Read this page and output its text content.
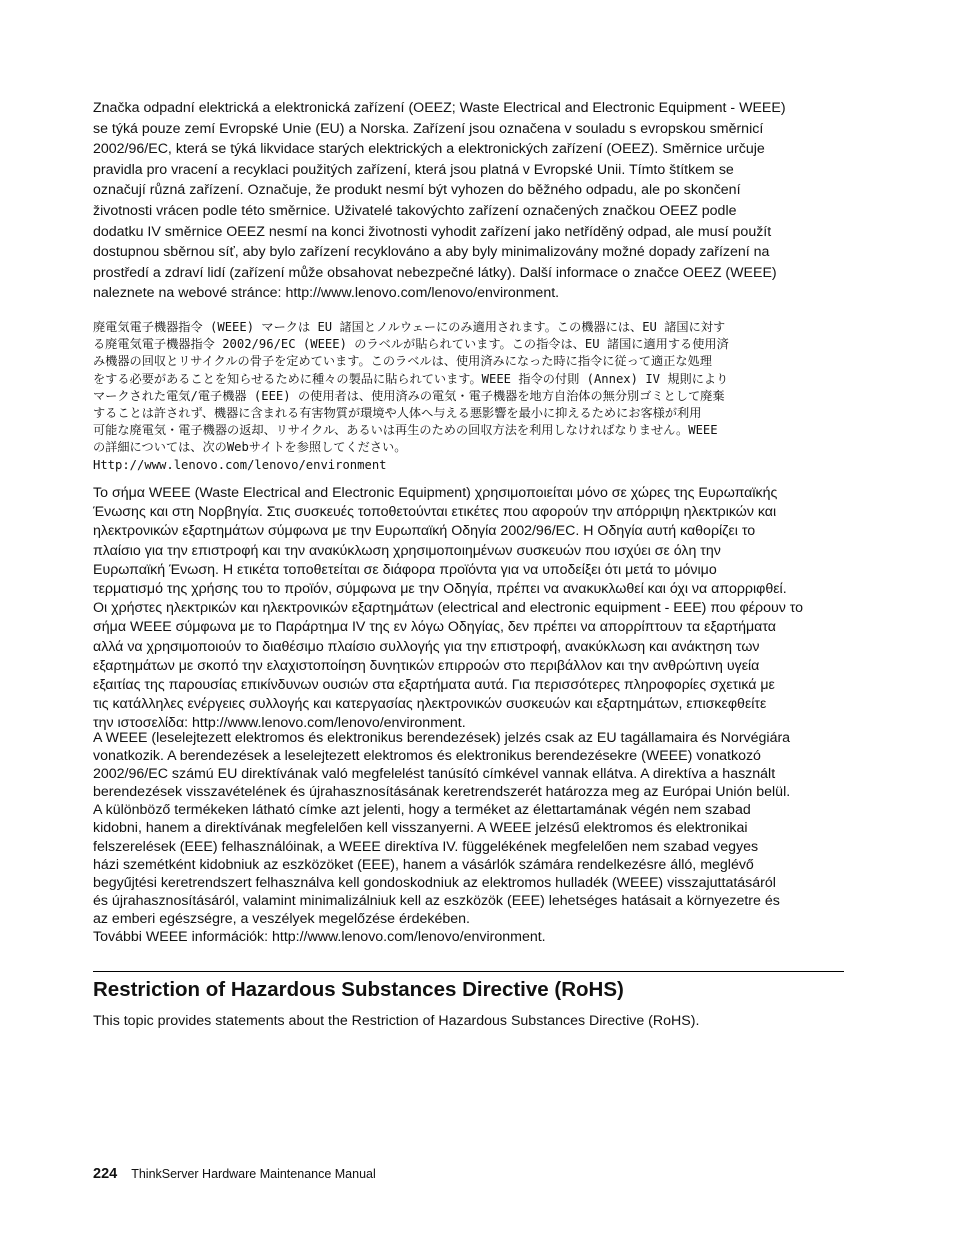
Značka odpadní elektrická a elektronická zařízení (OEEZ; Waste Electrical and Electronic Equipment - WEEE)
se týká pouze zemí Evropské Unie (EU) a Norska. Zařízení jsou označena v souladu s evropskou směrnicí
2002/96/EC, která se týká likvidace starých elektrických a elektronických zařízení (OEEZ). Směrnice určuje
pravidla pro vracení a recyklaci použitých zařízení, která jsou platná v Evropské Unii. Tímto štítkem se
označují různá zařízení. Označuje, že produkt nesmí být vyhozen do běžného odpadu, ale po skončení
životnosti vrácen podle této směrnice. Uživatelé takovýchto zařízení označených značkou OEEZ podle
dodatku IV směrnice OEEZ nesmí na konci životnosti vyhodit zařízení jako netříděný odpad, ale musí použít
dostupnou sběrnou síť, aby bylo zařízení recyklováno a aby byly minimalizovány možné dopady zařízení na
prostředí a zdraví lidí (zařízení může obsahovat nebezpečné látky). Další informace o značce OEEZ (WEEE)
naleznete na webové stránce: http://www.lenovo.com/lenovo/environment.
廃電気電子機器指令 (WEEE) マークは EU 諸国とノルウェーにのみ適用されます。この機器には、EU 諸国に対す
る廃電気電子機器指令 2002/96/EC (WEEE) のラベルが貼られています。この指令は、EU 諸国に適用する使用済
み機器の回収とリサイクルの骨子を定めています。このラベルは、使用済みになった時に指令に従って適正な処理
をする必要があることを知らせるために種々の製品に貼られています。WEEE 指令の付則 (Annex) IV 規則により
マークされた電気/電子機器 (EEE) の使用者は、使用済みの電気・電子機器を地方自治体の無分別ゴミとして廃棄
することは許されず、機器に含まれる有害物質が環境や人体へ与える悪影響を最小に抑えるためにお客様が利用
可能な廃電気・電子機器の返却、リサイクル、あるいは再生のための回収方法を利用しなければなりません。WEEE
の詳細については、次のWebサイトを参照してください。
Http://www.lenovo.com/lenovo/environment
Το σήμα WEEE (Waste Electrical and Electronic Equipment) χρησιμοποιείται μόνο σε χώρες της Ευρωπαϊκής
Ένωσης και στη Νορβηγία. Στις συσκευές τοποθετούνται ετικέτες που αφορούν την απόρριψη ηλεκτρικών και
ηλεκτρονικών εξαρτημάτων σύμφωνα με την Ευρωπαϊκή Οδηγία 2002/96/EC. Η Οδηγία αυτή καθορίζει το
πλαίσιο για την επιστροφή και την ανακύκλωση χρησιμοποιημένων συσκευών που ισχύει σε όλη την
Ευρωπαϊκή Ένωση. Η ετικέτα τοποθετείται σε διάφορα προϊόντα για να υποδείξει ότι μετά το μόνιμο
τερματισμό της χρήσης του το προϊόν, σύμφωνα με την Οδηγία, πρέπει να ανακυκλωθεί και όχι να απορριφθεί.
Οι χρήστες ηλεκτρικών και ηλεκτρονικών εξαρτημάτων (electrical and electronic equipment - EEE) που φέρουν το
σήμα WEEE σύμφωνα με το Παράρτημα IV της εν λόγω Οδηγίας, δεν πρέπει να απορρίπτουν τα εξαρτήματα
αλλά να χρησιμοποιούν το διαθέσιμο πλαίσιο συλλογής για την επιστροφή, ανακύκλωση και ανάκτηση των
εξαρτημάτων με σκοπό την ελαχιστοποίηση δυνητικών επιρροών στο περιβάλλον και την ανθρώπινη υγεία
εξαιτίας της παρουσίας επικίνδυνων ουσιών στα εξαρτήματα αυτά. Για περισσότερες πληροφορίες σχετικά με
τις κατάλληλες ενέργειες συλλογής και κατεργασίας ηλεκτρονικών συσκευών και εξαρτημάτων, επισκεφθείτε
την ιστοσελίδα: http://www.lenovo.com/lenovo/environment.
A WEEE (leselejtezett elektromos és elektronikus berendezések) jelzés csak az EU tagállamaira és Norvégiára
vonatkozik. A berendezések a leselejtezett elektromos és elektronikus berendezésekre (WEEE) vonatkozó
2002/96/EC számú EU direktívának való megfelelést tanúsító címkével vannak ellátva. A direktíva a használt
berendezések visszavételének és újrahasznosításának keretrendszerét határozza meg az Európai Unión belül.
A különböző termékeken látható címke azt jelenti, hogy a terméket az élettartamának végén nem szabad
kidobni, hanem a direktívának megfelelően kell visszanyerni. A WEEE jelzésű elektromos és elektronikai
felszerelések (EEE) felhasználóinak, a WEEE direktíva IV. függelékének megfelelően nem szabad vegyes
házi szemétként kidobniuk az eszközöket (EEE), hanem a vásárlók számára rendelkezésre álló, meglévő
begyűjtési keretrendszert felhasználva kell gondoskodniuk az elektromos hulladék (WEEE) visszajuttatásáról
és újrahasznosításáról, valamint minimalizálniuk kell az eszközök (EEE) lehetséges hatásait a környezetre és
az emberi egészségre, a veszélyek megelőzése érdekében.
További WEEE információk: http://www.lenovo.com/lenovo/environment.
Restriction of Hazardous Substances Directive (RoHS)

This topic provides statements about the Restriction of Hazardous Substances Directive (RoHS).

224 ThinkServer Hardware Maintenance Manual
